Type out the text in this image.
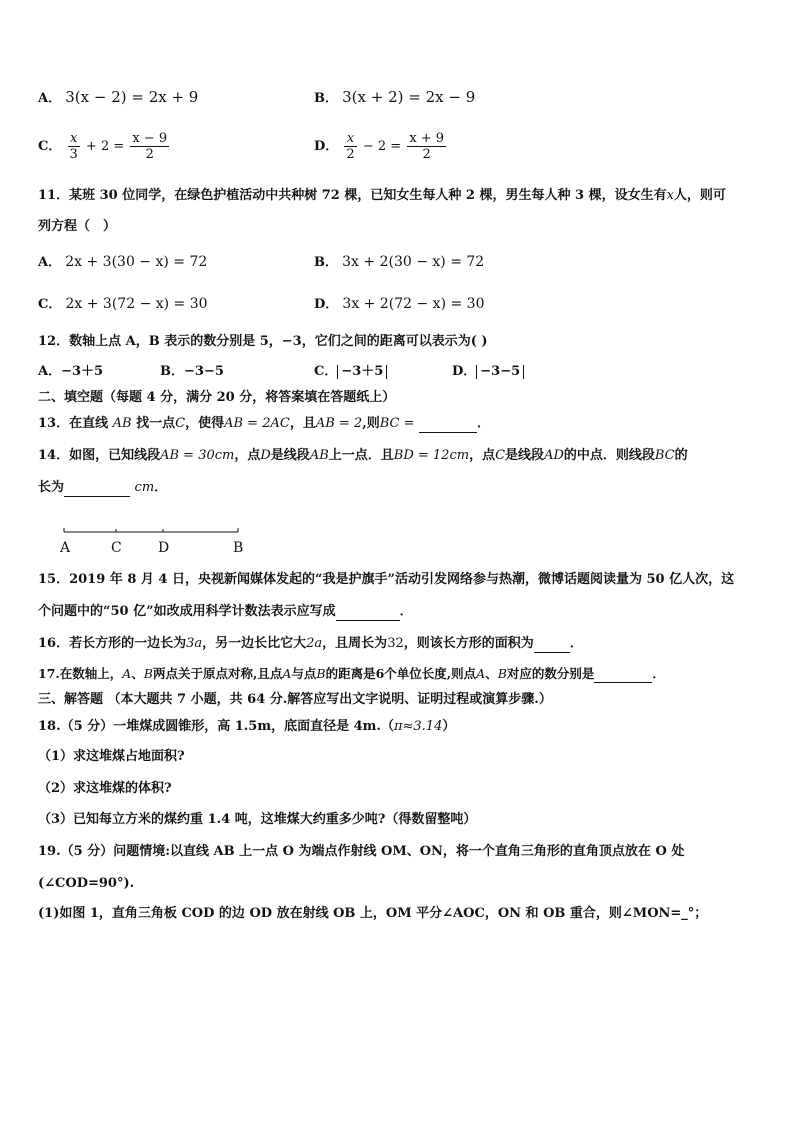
A． 3(x − 2) = 2x + 9	B． 3(x + 2) = 2x − 9
C． $\frac{x}{3} + 2 = \frac{x - 9}{2}$	D． $\frac{x}{2} - 2 = \frac{x + 9}{2}$
11．某班 30 位同学，在绿色护植活动中共种树 72 棵，已知女生每人种 2 棵，男生每人种 3 棵，设女生有x人，则可
列方程（　）
A． 2x + 3(30 − x) = 72	B． 3x + 2(30 − x) = 72
C． 2x + 3(72 − x) = 30	D． 3x + 2(72 − x) = 30
12．数轴上点 A，B 表示的数分别是 5，−3，它们之间的距离可以表示为( )
A．−3＋5	B．−3−5	C． −3＋5	D． −3−5
二、填空题（每题 4 分，满分 20 分，将答案填在答题纸上）
13．在直线 AB 找一点C，使得AB = 2AC，且AB = 2,则BC =	．
14．如图，已知线段AB = 30cm，点D是线段AB上一点．且BD = 12cm，点C是线段AD的中点．则线段BC的
长为	cm．
A	C	D	B
15．2019 年 8 月 4 日，央视新闻媒体发起的“我是护旗手”活动引发网络参与热潮，微博话题阅读量为 50 亿人次，这
个问题中的“50 亿”如改成用科学计数法表示应写成	．
16．若长方形的一边长为3a，另一边长比它大2a，且周长为32，则该长方形的面积为	．
17.在数轴上，A、B两点关于原点对称,且点A与点B的距离是6个单位长度,则点A、B对应的数分别是	．
三、解答题 （本大题共 7 小题，共 64 分.解答应写出文字说明、证明过程或演算步骤.）
18.（5 分）一堆煤成圆锥形，高 1.5m，底面直径是 4m.（π≈3.14）
（1）求这堆煤占地面积?
（2）求这堆煤的体积?
（3）已知每立方米的煤约重 1.4 吨，这堆煤大约重多少吨?（得数留整吨）
19.（5 分）问题情境:以直线 AB 上一点 O 为端点作射线 OM、ON，将一个直角三角形的直角顶点放在 O 处
(∠COD=90°).
(1)如图 1，直角三角板 COD 的边 OD 放在射线 OB 上，OM 平分∠AOC，ON 和 OB 重合，则∠MON=_°；
